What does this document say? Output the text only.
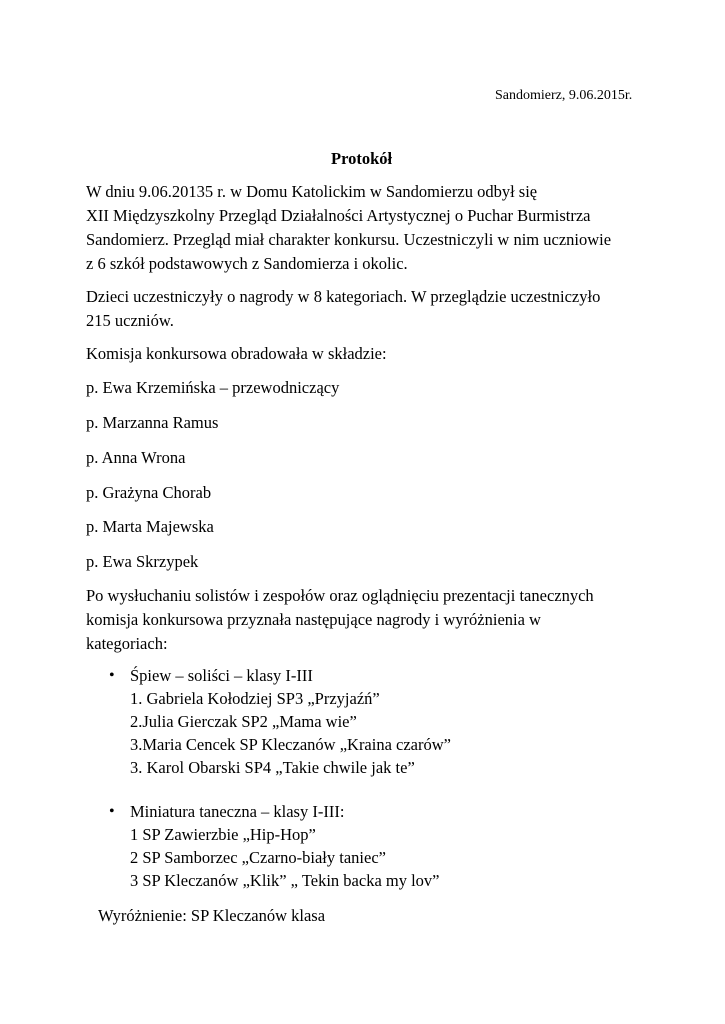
Sandomierz, 9.06.2015r.
Protokół
W dniu 9.06.20135 r. w Domu Katolickim w Sandomierzu odbył się
XII Międzyszkolny Przegląd Działalności Artystycznej o Puchar Burmistrza
Sandomierz. Przegląd miał charakter konkursu. Uczestniczyli w nim uczniowie
z 6 szkół podstawowych z Sandomierza i okolic.
Dzieci uczestniczyły o nagrody w 8 kategoriach. W przeglądzie uczestniczyło
215 uczniów.
Komisja konkursowa obradowała w składzie:
p. Ewa Krzemińska – przewodniczący
p. Marzanna Ramus
p. Anna Wrona
p. Grażyna Chorab
p. Marta Majewska
p. Ewa Skrzypek
Po wysłuchaniu solistów i zespołów oraz oglądnięciu prezentacji tanecznych
komisja konkursowa przyznała następujące nagrody i wyróżnienia w
kategoriach:
• Śpiew – soliści – klasy I-III
1. Gabriela Kołodziej SP3 „Przyjaźń”
2.Julia Gierczak SP2 „Mama wie”
3.Maria Cencek SP Kleczanów „Kraina czarów”
3. Karol Obarski SP4 „Takie chwile jak te”
• Miniatura taneczna – klasy I-III:
1 SP Zawierzbie „Hip-Hop”
2 SP Samborzec „Czarno-biały taniec”
3 SP Kleczanów „Klik” „ Tekin backa my lov”
Wyróżnienie: SP Kleczanów klasa
